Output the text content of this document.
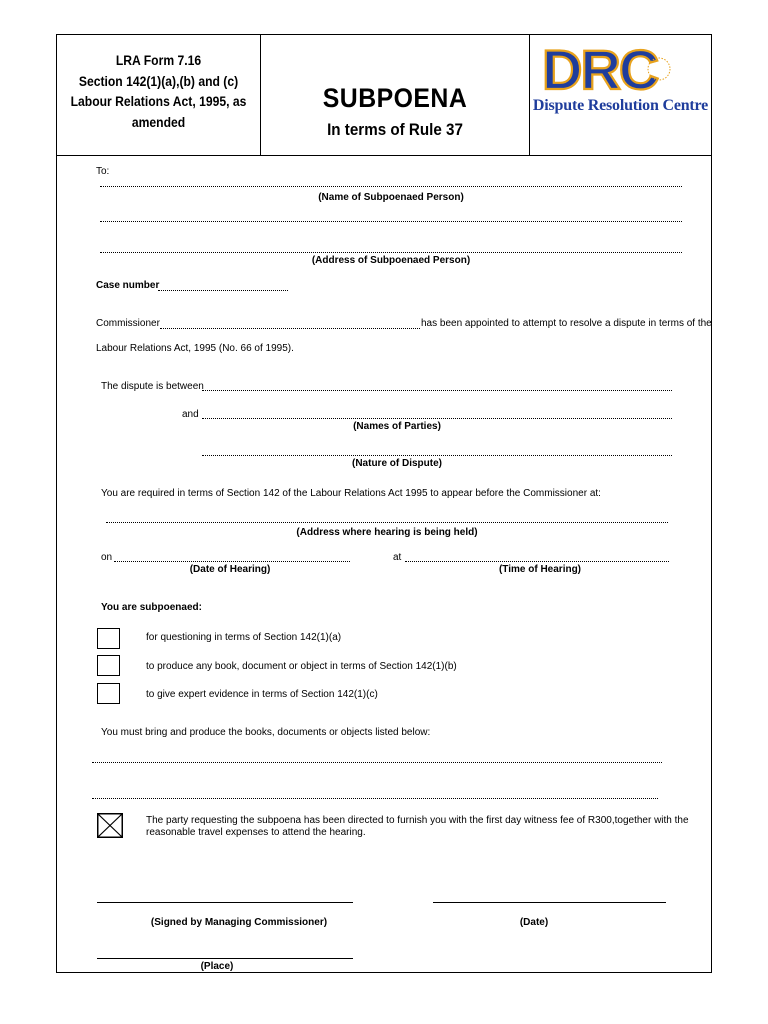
LRA Form 7.16
Section 142(1)(a),(b) and (c)
Labour Relations Act, 1995, as
amended
SUBPOENA
In terms of Rule 37
DRC
Dispute Resolution Centre
To:
(Name of Subpoenaed Person)
(Address of Subpoenaed Person)
Case number
Commissioner	has been appointed to attempt to resolve a dispute in terms of the
Labour Relations Act, 1995 (No. 66 of 1995).
The dispute is between
and
(Names of Parties)
(Nature of Dispute)
You are required in terms of Section 142 of the Labour Relations Act 1995 to appear before the Commissioner at:
(Address where hearing is being held)
on
(Date of Hearing)
at
(Time of Hearing)
You are subpoenaed:
for questioning in terms of Section 142(1)(a)
to produce any book, document or object in terms of Section 142(1)(b)
to give expert evidence in terms of Section 142(1)(c)
You must bring and produce the books, documents or objects listed below:
The party requesting the subpoena has been directed to furnish you with the first day witness fee of R300,together with the
reasonable travel expenses to attend the hearing.
(Signed by Managing Commissioner)	(Date)
(Place)
